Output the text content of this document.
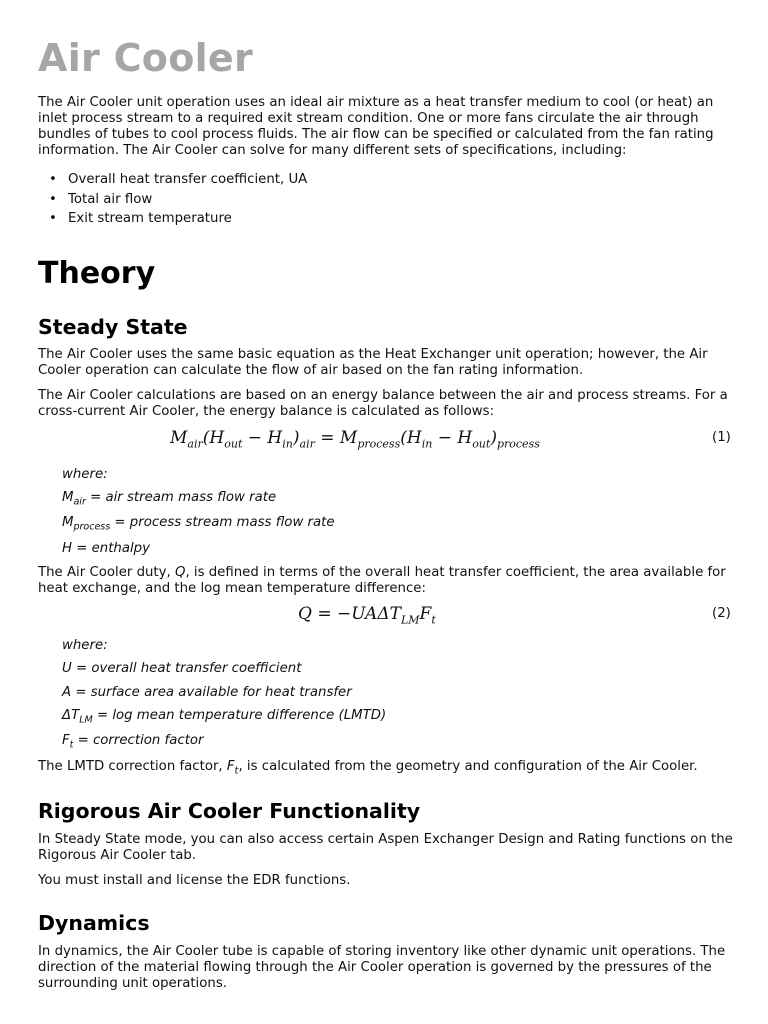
Air Cooler

The Air Cooler unit operation uses an ideal air mixture as a heat transfer medium to cool (or heat) an inlet process stream to a required exit stream condition. One or more fans circulate the air through bundles of tubes to cool process fluids. The air flow can be specified or calculated from the fan rating information. The Air Cooler can solve for many different sets of specifications, including:

• Overall heat transfer coefficient, UA
• Total air flow
• Exit stream temperature
Theory
Steady State

The Air Cooler uses the same basic equation as the Heat Exchanger unit operation; however, the Air Cooler operation can calculate the flow of air based on the fan rating information.

The Air Cooler calculations are based on an energy balance between the air and process streams. For a cross-current Air Cooler, the energy balance is calculated as follows:

$M_{air}(H_{out} - H_{in})_{air} = M_{process}(H_{in} - H_{out})_{process}$	(1)
where:
$M_{air}$ = air stream mass flow rate
$M_{process}$ = process stream mass flow rate
H = enthalpy

The Air Cooler duty, Q, is defined in terms of the overall heat transfer coefficient, the area available for heat exchange, and the log mean temperature difference:

$Q = -UA\Delta T_{LM}F_t$	(2)
where:
U = overall heat transfer coefficient
A = surface area available for heat transfer
$\Delta T_{LM} = \log$ mean temperature difference (LMTD)
$F_t$ = correction factor

The LMTD correction factor, $F_t$, is calculated from the geometry and configuration of the Air Cooler.

Rigorous Air Cooler Functionality

In Steady State mode, you can also access certain Aspen Exchanger Design and Rating functions on the Rigorous Air Cooler tab.

You must install and license the EDR functions.

Dynamics

In dynamics, the Air Cooler tube is capable of storing inventory like other dynamic unit operations. The direction of the material flowing through the Air Cooler operation is governed by the pressures of the surrounding unit operations.
